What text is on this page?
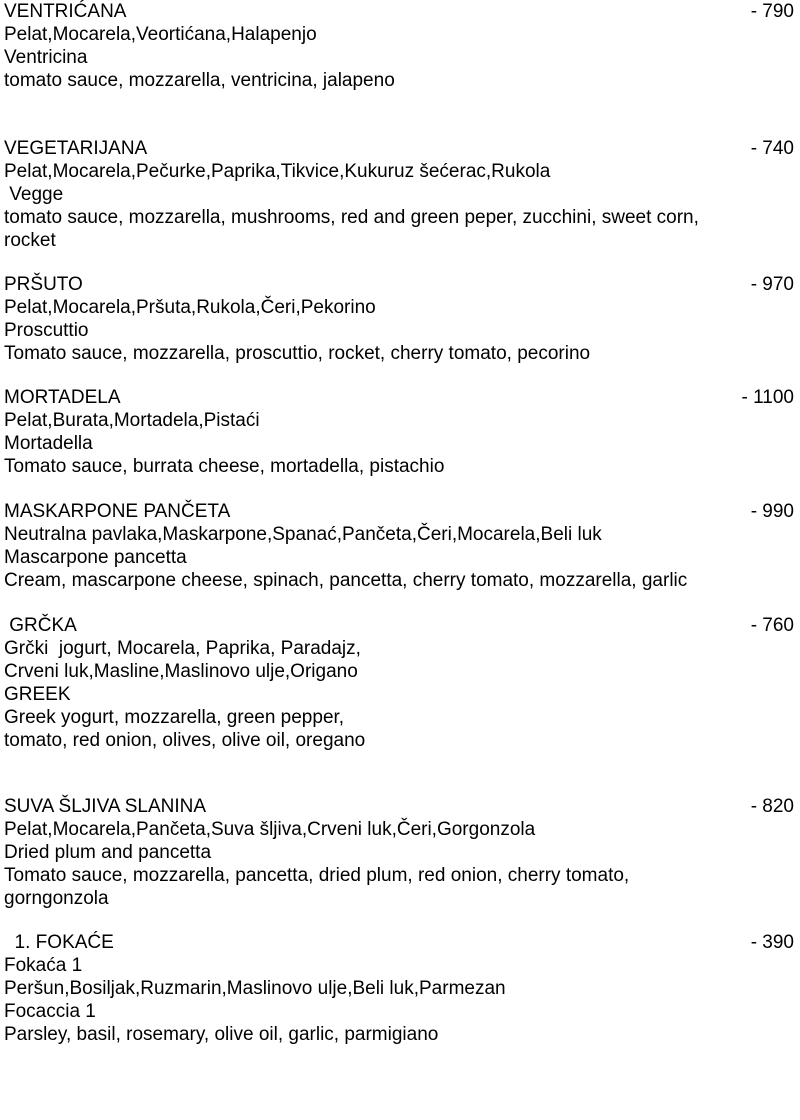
VENTRIĆANA	- 790
Pelat,Mocarela,Veortićana,Halapenjo
Ventricina
tomato sauce, mozzarella, ventricina, jalapeno
VEGETARIJANA	- 740
Pelat,Mocarela,Pečurke,Paprika,Tikvice,Kukuruz šećerac,Rukola
Vegge
tomato sauce, mozzarella, mushrooms, red and green peper, zucchini, sweet corn,
rocket
PRŠUTO	- 970
Pelat,Mocarela,Pršuta,Rukola,Čeri,Pekorino
Proscuttio
Tomato sauce, mozzarella, proscuttio, rocket, cherry tomato, pecorino
MORTADELA	- 1100
Pelat,Burata,Mortadela,Pistaći
Mortadella
Tomato sauce, burrata cheese, mortadella, pistachio
MASKARPONE PANČETA	- 990
Neutralna pavlaka,Maskarpone,Spanać,Pančeta,Čeri,Mocarela,Beli luk
Mascarpone pancetta
Cream, mascarpone cheese, spinach, pancetta, cherry tomato, mozzarella, garlic
GRČKA	- 760
Grčki  jogurt, Mocarela, Paprika, Paradajz,
Crveni luk,Masline,Maslinovo ulje,Origano
GREEK
Greek yogurt, mozzarella, green pepper,
tomato, red onion, olives, olive oil, oregano
SUVA ŠLJIVA SLANINA	- 820
Pelat,Mocarela,Pančeta,Suva šljiva,Crveni luk,Čeri,Gorgonzola
Dried plum and pancetta
Tomato sauce, mozzarella, pancetta, dried plum, red onion, cherry tomato,
gorngonzola
1. FOKAĆE	- 390
Fokaća 1
Peršun,Bosiljak,Ruzmarin,Maslinovo ulje,Beli luk,Parmezan
Focaccia 1
Parsley, basil, rosemary, olive oil, garlic, parmigiano
